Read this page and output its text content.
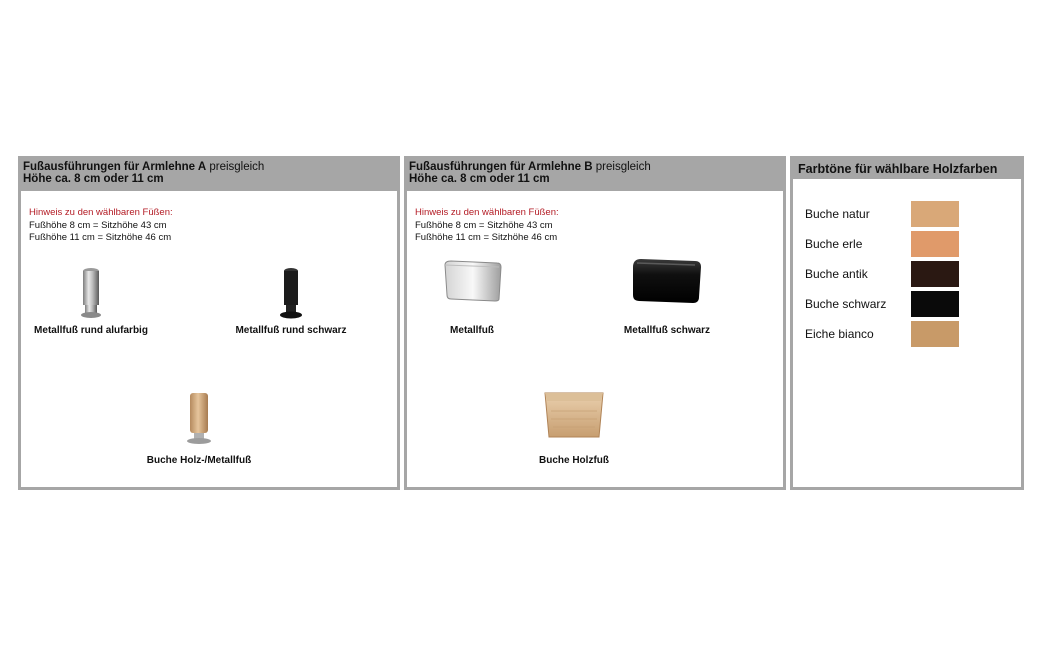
Fußausführungen für Armlehne A preisgleich
Höhe ca. 8 cm oder 11 cm
Hinweis zu den wählbaren Füßen:
Fußhöhe 8 cm = Sitzhöhe 43 cm
Fußhöhe 11 cm = Sitzhöhe 46 cm
Metallfuß rund alufarbig	Metallfuß rund schwarz
Buche Holz-/Metallfuß
Fußausführungen für Armlehne B preisgleich
Höhe ca. 8 cm oder 11 cm
Hinweis zu den wählbaren Füßen:
Fußhöhe 8 cm = Sitzhöhe 43 cm
Fußhöhe 11 cm = Sitzhöhe 46 cm
Metallfuß	Metallfuß schwarz
Buche Holzfuß
Farbtöne für wählbare Holzfarben
Buche natur
Buche erle
Buche antik
Buche schwarz
Eiche bianco
